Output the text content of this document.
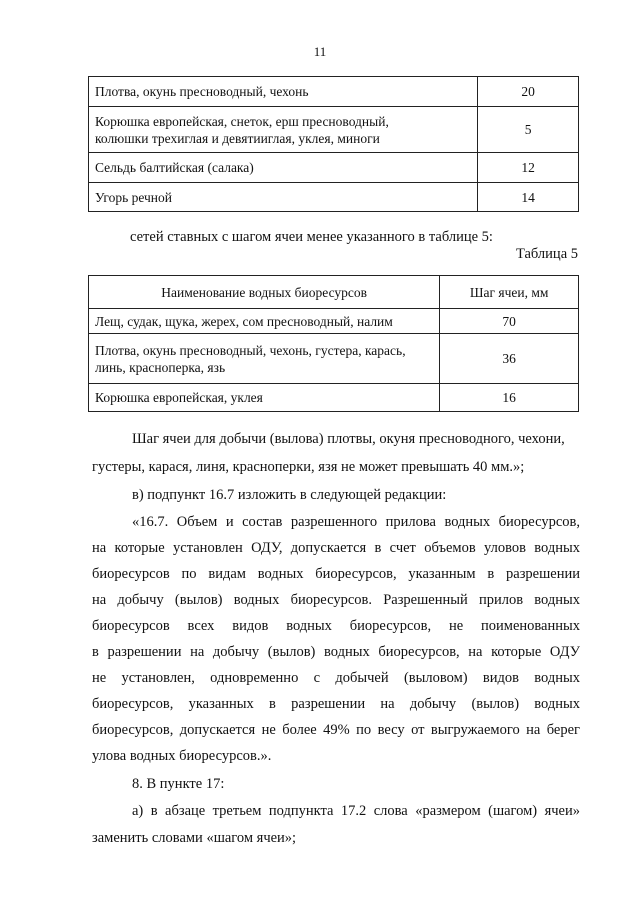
11
Плотва, окунь пресноводный, чехонь	20
Корюшка европейская, снеток, ерш пресноводный,
колюшки трехиглая и девятииглая, уклея, миноги	5
Сельдь балтийская (салака)	12
Угорь речной	14
сетей ставных с шагом ячеи менее указанного в таблице 5:
Таблица 5
Наименование водных биоресурсов	Шаг ячеи, мм
Лещ, судак, щука, жерех, сом пресноводный, налим	70
Плотва, окунь пресноводный, чехонь, густера, карась,
линь, красноперка, язь	36
Корюшка европейская, уклея	16
Шаг ячеи для добычи (вылова) плотвы, окуня пресноводного, чехони,
густеры, карася, линя, красноперки, язя не может превышать 40 мм.»;
в) подпункт 16.7 изложить в следующей редакции:
«16.7. Объем и состав разрешенного прилова водных биоресурсов,
на которые установлен ОДУ, допускается в счет объемов уловов водных
биоресурсов по видам водных биоресурсов, указанным в разрешении
на добычу (вылов) водных биоресурсов. Разрешенный прилов водных
биоресурсов всех видов водных биоресурсов, не поименованных
в разрешении на добычу (вылов) водных биоресурсов, на которые ОДУ
не установлен, одновременно с добычей (выловом) видов водных
биоресурсов, указанных в разрешении на добычу (вылов) водных
биоресурсов, допускается не более 49% по весу от выгружаемого на берег
улова водных биоресурсов.».
8. В пункте 17:
а) в абзаце третьем подпункта 17.2 слова «размером (шагом) ячеи»
заменить словами «шагом ячеи»;
